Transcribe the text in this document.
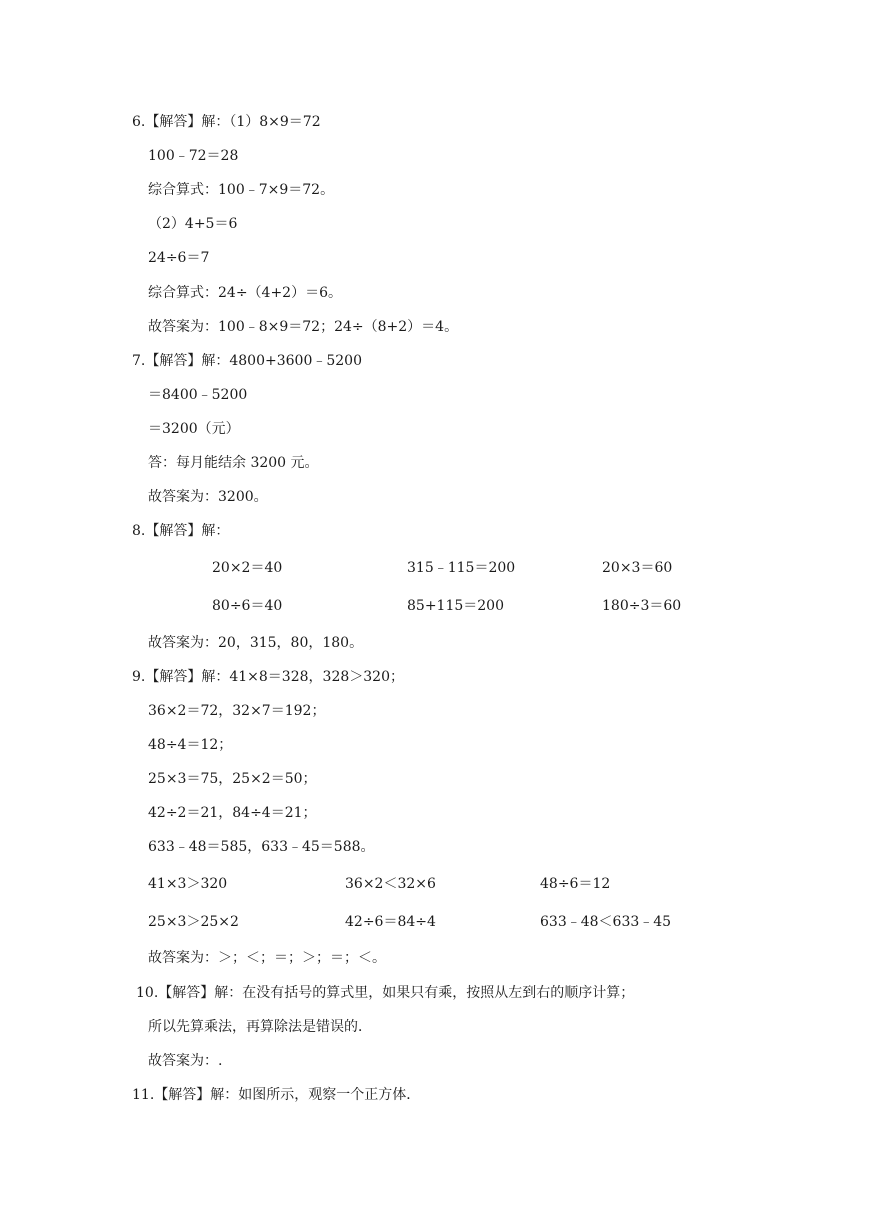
6.【解答】解：（1）8×9＝72
100﹣72＝28
综合算式：100﹣7×9＝72。
（2）4+5＝6
24÷6＝7
综合算式：24÷（4+2）＝6。
故答案为：100﹣8×9＝72；24÷（8+2）＝4。
7.【解答】解：4800+3600﹣5200
＝8400﹣5200
＝3200（元）
答：每月能结余 3200 元。
故答案为：3200。
8.【解答】解：
20×2＝40	315﹣115＝200	20×3＝60
80÷6＝40	85+115＝200	180÷3＝60
故答案为：20，315，80，180。
9.【解答】解：41×8＝328，328＞320；
36×2＝72，32×7＝192；
48÷4＝12；
25×3＝75，25×2＝50；
42÷2＝21，84÷4＝21；
633﹣48＝585，633﹣45＝588。
41×3＞320	36×2＜32×6	48÷6＝12
25×3＞25×2	42÷6＝84÷4	633﹣48＜633﹣45
故答案为：＞；＜；＝；＞；＝；＜。
10.【解答】解：在没有括号的算式里，如果只有乘，按照从左到右的顺序计算；
所以先算乘法，再算除法是错误的．
故答案为：.
11.【解答】解：如图所示，观察一个正方体．
